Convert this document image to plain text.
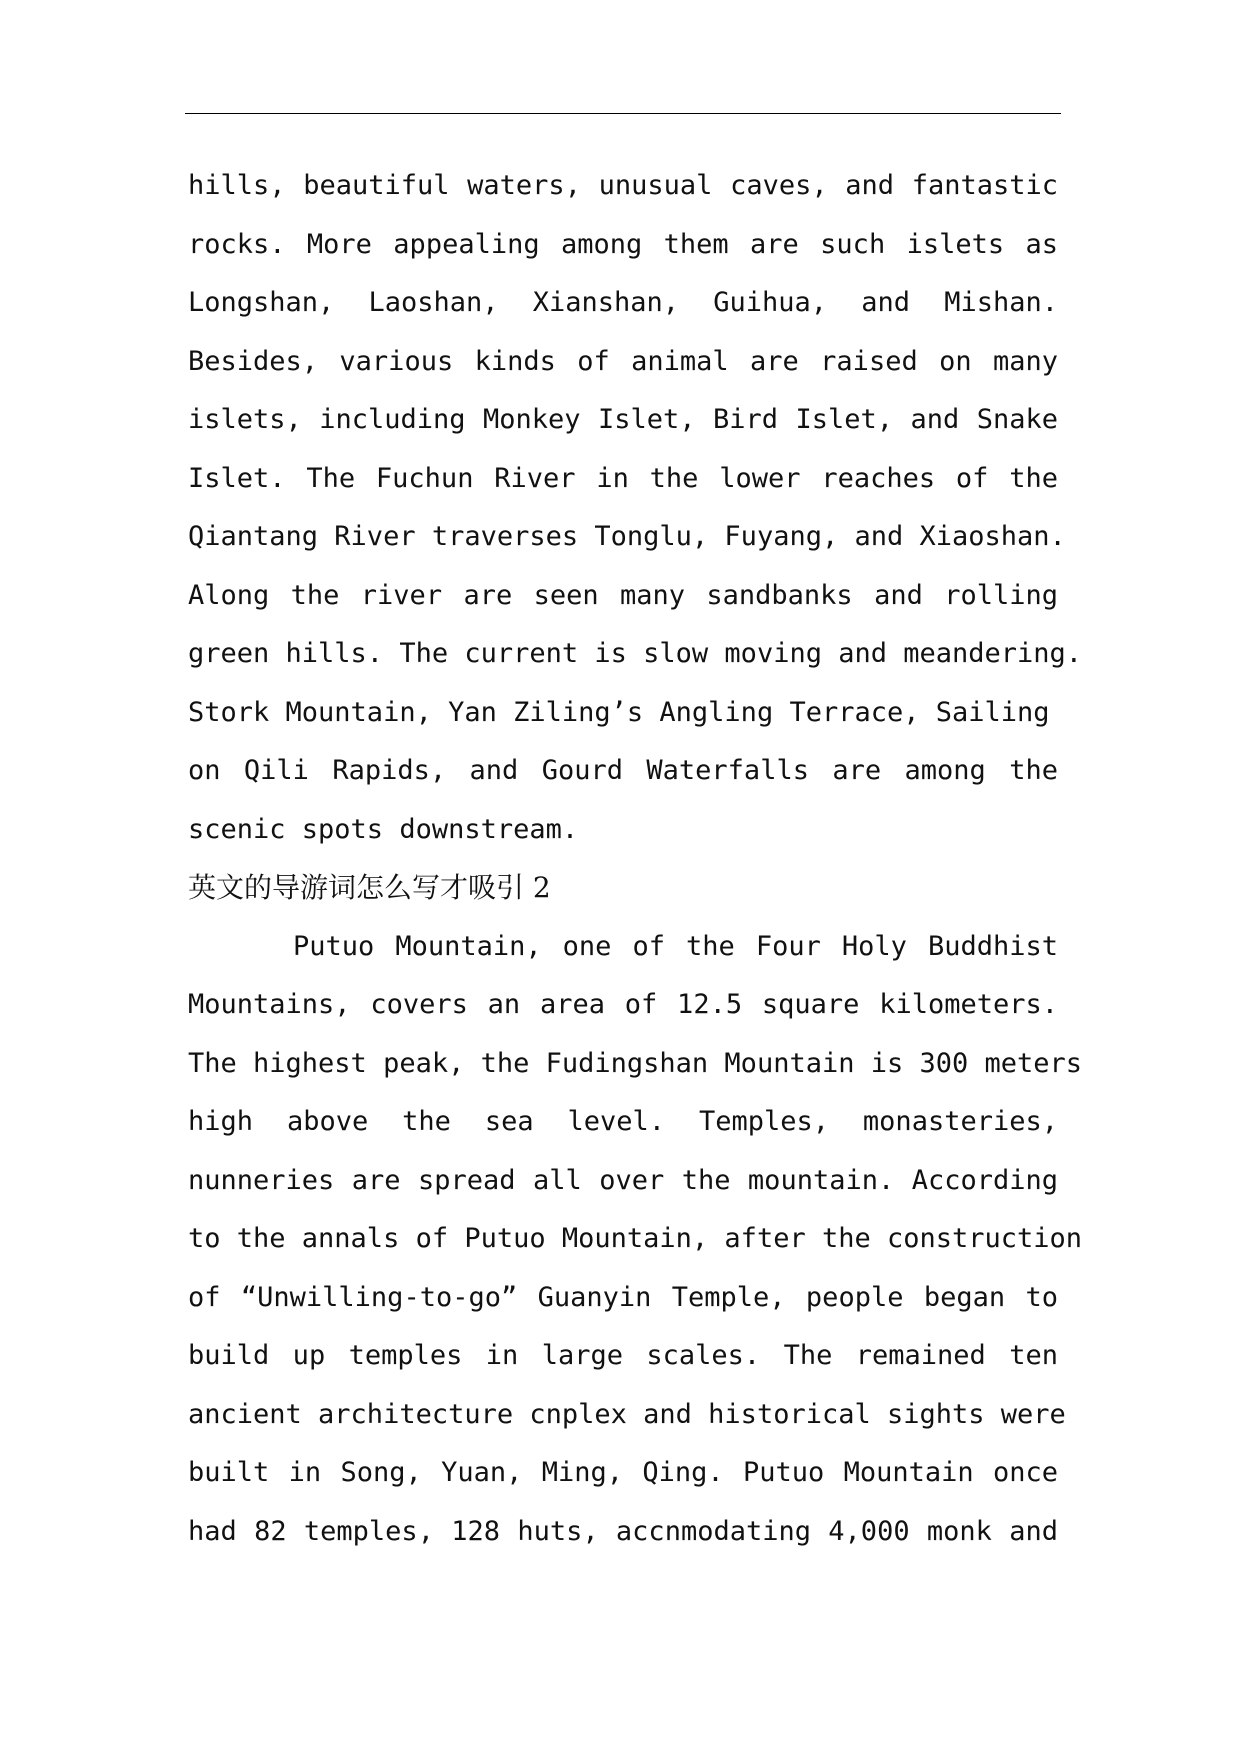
hills, beautiful waters, unusual caves, and fantastic
rocks. More appealing among them are such islets as
Longshan, Laoshan, Xianshan, Guihua, and Mishan.
Besides, various kinds of animal are raised on many
islets, including Monkey Islet, Bird Islet, and Snake
Islet. The Fuchun River in the lower reaches of the
Qiantang River traverses Tonglu, Fuyang, and Xiaoshan.
Along the river are seen many sandbanks and rolling
green hills. The current is slow moving and meandering.
Stork Mountain, Yan Ziling’s Angling Terrace, Sailing
on Qili Rapids, and Gourd Waterfalls are among the
scenic spots downstream.

英文的导游词怎么写才吸引 2

Putuo Mountain, one of the Four Holy Buddhist
Mountains, covers an area of 12.5 square kilometers.
The highest peak, the Fudingshan Mountain is 300 meters
high above the sea level. Temples, monasteries,
nunneries are spread all over the mountain. According
to the annals of Putuo Mountain, after the construction
of “Unwilling-to-go” Guanyin Temple, people began to
build up temples in large scales. The remained ten
ancient architecture cnplex and historical sights were
built in Song, Yuan, Ming, Qing. Putuo Mountain once
had 82 temples, 128 huts, accnmodating 4,000 monk and
